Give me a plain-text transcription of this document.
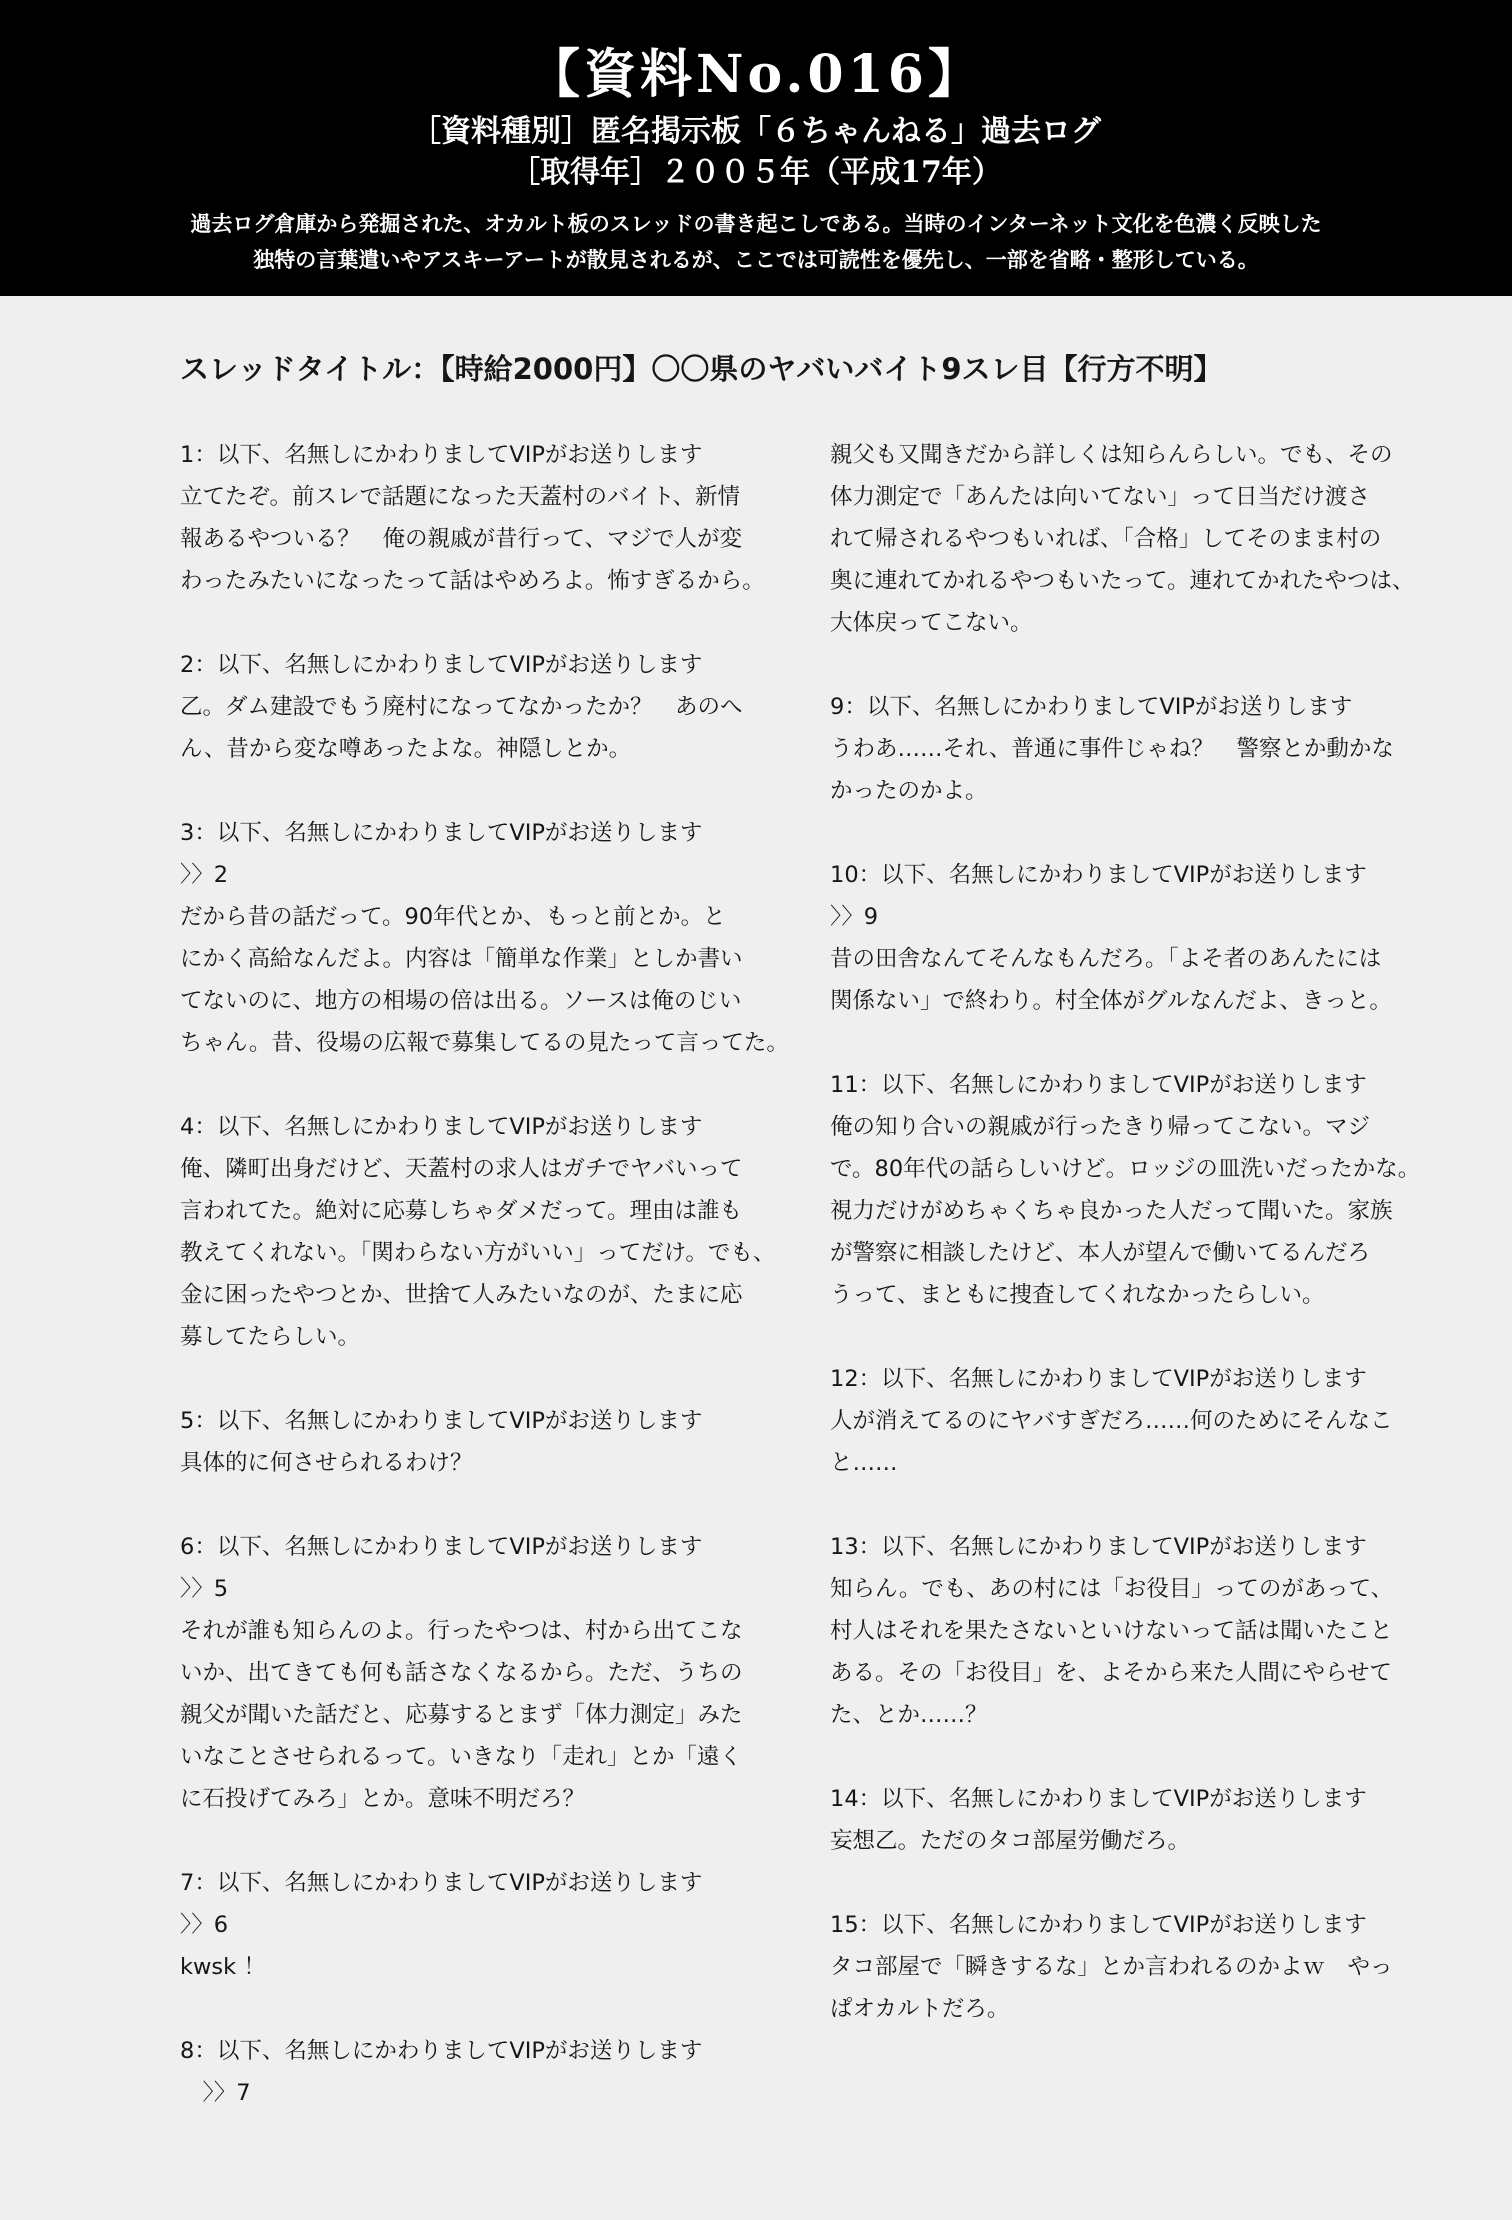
【資料No.016】
［資料種別］匿名掲示板「６ちゃんねる」過去ログ
［取得年］２００５年（平成17年）
過去ログ倉庫から発掘された、オカルト板のスレッドの書き起こしである。当時のインターネット文化を色濃く反映した
独特の言葉遣いやアスキーアートが散見されるが、ここでは可読性を優先し、一部を省略・整形している。
スレッドタイトル：【時給2000円】〇〇県のヤバいバイト9スレ目【行方不明】
1：以下、名無しにかわりましてVIPがお送りします
立てたぞ。前スレで話題になった天蓋村のバイト、新情
報あるやついる？　俺の親戚が昔行って、マジで人が変
わったみたいになったって話はやめろよ。怖すぎるから。
2：以下、名無しにかわりましてVIPがお送りします
乙。ダム建設でもう廃村になってなかったか？　あのへ
ん、昔から変な噂あったよな。神隠しとか。
3：以下、名無しにかわりましてVIPがお送りします
〉〉2
だから昔の話だって。90年代とか、もっと前とか。と
にかく高給なんだよ。内容は「簡単な作業」としか書い
てないのに、地方の相場の倍は出る。ソースは俺のじい
ちゃん。昔、役場の広報で募集してるの見たって言ってた。
4：以下、名無しにかわりましてVIPがお送りします
俺、隣町出身だけど、天蓋村の求人はガチでヤバいって
言われてた。絶対に応募しちゃダメだって。理由は誰も
教えてくれない。「関わらない方がいい」ってだけ。でも、
金に困ったやつとか、世捨て人みたいなのが、たまに応
募してたらしい。
5：以下、名無しにかわりましてVIPがお送りします
具体的に何させられるわけ？
6：以下、名無しにかわりましてVIPがお送りします
〉〉5
それが誰も知らんのよ。行ったやつは、村から出てこな
いか、出てきても何も話さなくなるから。ただ、うちの
親父が聞いた話だと、応募するとまず「体力測定」みた
いなことさせられるって。いきなり「走れ」とか「遠く
に石投げてみろ」とか。意味不明だろ？
7：以下、名無しにかわりましてVIPがお送りします
〉〉6
kwsk ！
8：以下、名無しにかわりましてVIPがお送りします
　〉〉7
親父も又聞きだから詳しくは知らんらしい。でも、その
体力測定で「あんたは向いてない」って日当だけ渡さ
れて帰されるやつもいれば、「合格」してそのまま村の
奥に連れてかれるやつもいたって。連れてかれたやつは、
大体戻ってこない。
9：以下、名無しにかわりましてVIPがお送りします
うわあ……それ、普通に事件じゃね？　警察とか動かな
かったのかよ。
10：以下、名無しにかわりましてVIPがお送りします
〉〉9
昔の田舎なんてそんなもんだろ。「よそ者のあんたには
関係ない」で終わり。村全体がグルなんだよ、きっと。
11：以下、名無しにかわりましてVIPがお送りします
俺の知り合いの親戚が行ったきり帰ってこない。マジ
で。80年代の話らしいけど。ロッジの皿洗いだったかな。
視力だけがめちゃくちゃ良かった人だって聞いた。家族
が警察に相談したけど、本人が望んで働いてるんだろ
うって、まともに捜査してくれなかったらしい。
12：以下、名無しにかわりましてVIPがお送りします
人が消えてるのにヤバすぎだろ……何のためにそんなこ
と……
13：以下、名無しにかわりましてVIPがお送りします
知らん。でも、あの村には「お役目」ってのがあって、
村人はそれを果たさないといけないって話は聞いたこと
ある。その「お役目」を、よそから来た人間にやらせて
た、とか……？
14：以下、名無しにかわりましてVIPがお送りします
妄想乙。ただのタコ部屋労働だろ。
15：以下、名無しにかわりましてVIPがお送りします
タコ部屋で「瞬きするな」とか言われるのかよｗ　やっ
ぱオカルトだろ。
